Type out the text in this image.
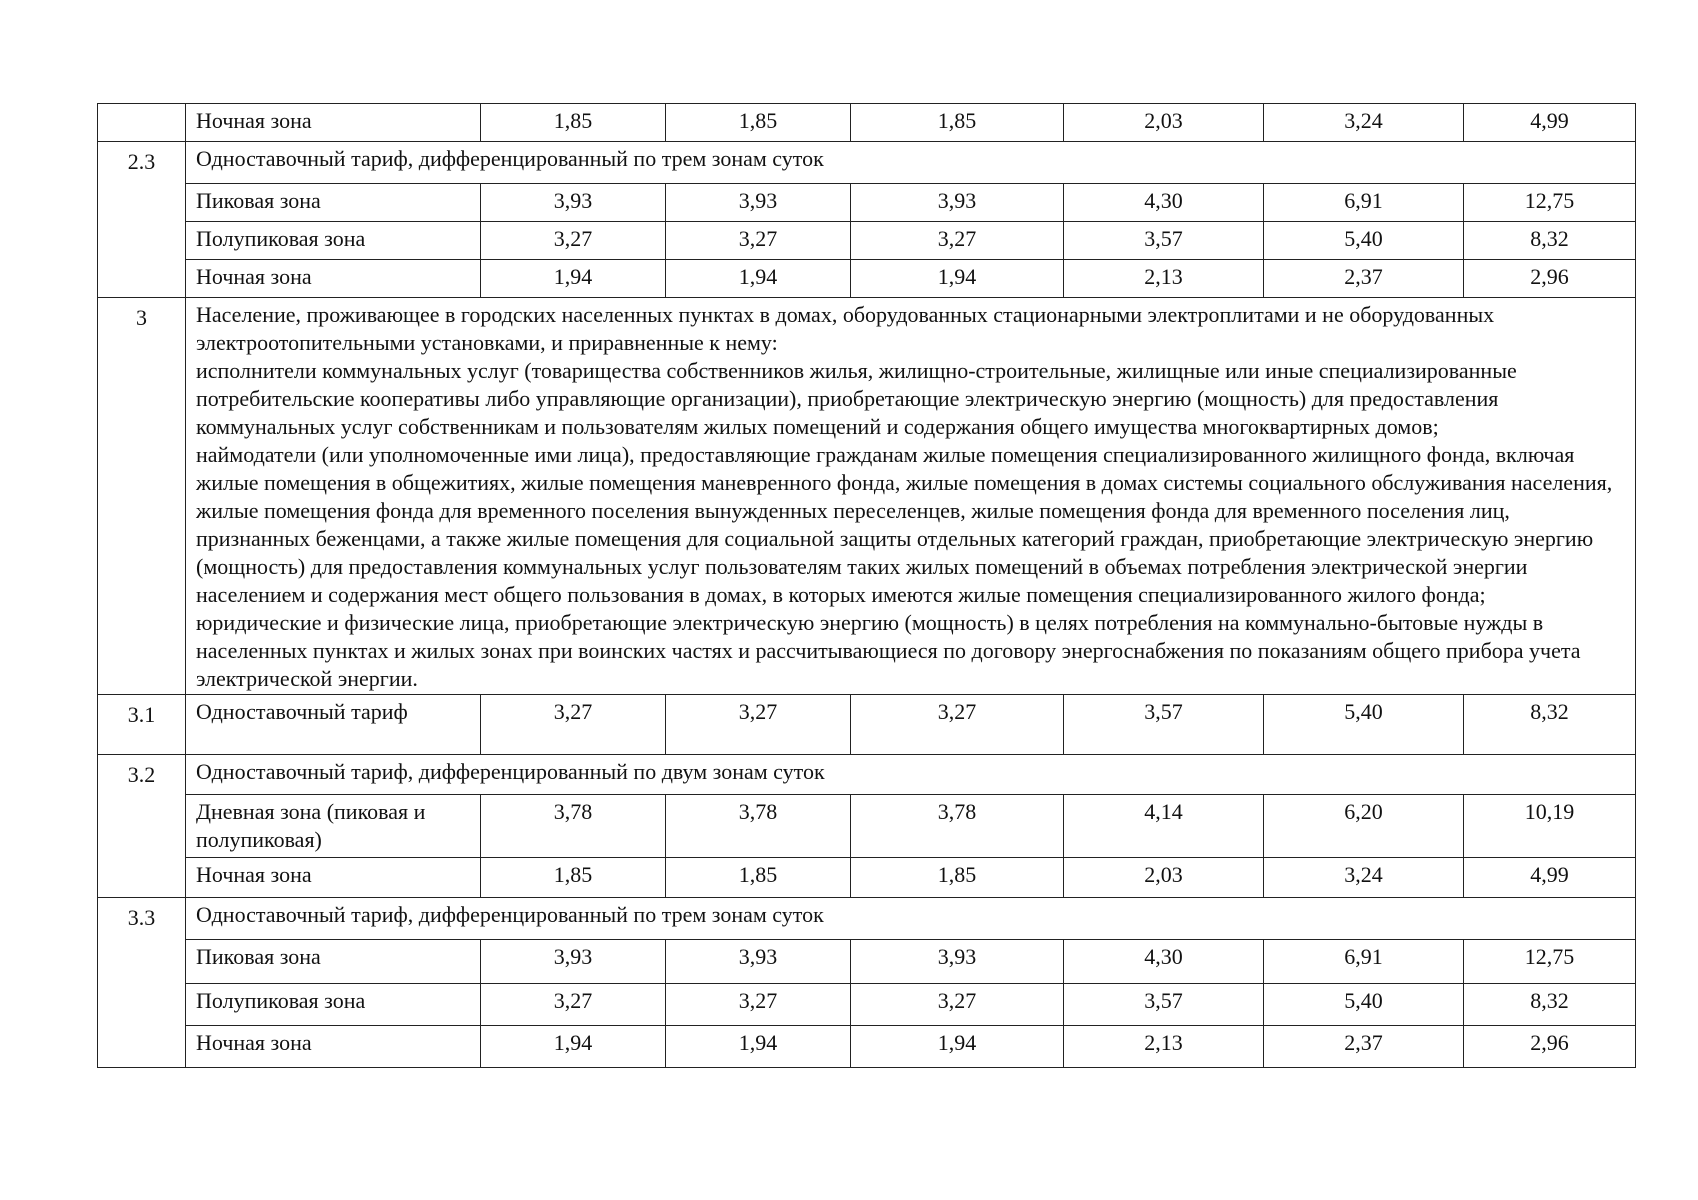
	Ночная зона	1,85	1,85	1,85	2,03	3,24	4,99
2.3	Одноставочный тариф, дифференцированный по трем зонам суток						
	Пиковая зона	3,93	3,93	3,93	4,30	6,91	12,75
	Полупиковая зона	3,27	3,27	3,27	3,57	5,40	8,32
	Ночная зона	1,94	1,94	1,94	2,13	2,37	2,96
3	Население, проживающее в городских населенных пунктах в домах, оборудованных стационарными электроплитами и не оборудованных электроотопительными установками, и приравненные к нему:

исполнители коммунальных услуг (товарищества собственников жилья, жилищно-строительные, жилищные или иные специализированные потребительские кооперативы либо управляющие организации), приобретающие электрическую энергию (мощность) для предоставления коммунальных услуг собственникам и пользователям жилых помещений и содержания общего имущества многоквартирных домов;

наймодатели (или уполномоченные ими лица), предоставляющие гражданам жилые помещения специализированного жилищного фонда, включая жилые помещения в общежитиях, жилые помещения маневренного фонда, жилые помещения в домах системы социального обслуживания населения, жилые помещения фонда для временного поселения вынужденных переселенцев, жилые помещения фонда для временного поселения лиц, признанных беженцами, а также жилые помещения для социальной защиты отдельных категорий граждан, приобретающие электрическую энергию (мощность) для предоставления коммунальных услуг пользователям таких жилых помещений в объемах потребления электрической энергии населением и содержания мест общего пользования в домах, в которых имеются жилые помещения специализированного жилого фонда;

юридические и физические лица, приобретающие электрическую энергию (мощность) в целях потребления на коммунально-бытовые нужды в населенных пунктах и жилых зонах при воинских частях и рассчитывающиеся по договору энергоснабжения по показаниям общего прибора учета электрической энергии.						

3.1	Одноставочный тариф	3,27	3,27	3,27	3,57	5,40	8,32
3.2	Одноставочный тариф, дифференцированный по двум зонам суток						
	Дневная зона (пиковая и полупиковая)	3,78	3,78	3,78	4,14	6,20	10,19
	Ночная зона	1,85	1,85	1,85	2,03	3,24	4,99
3.3	Одноставочный тариф, дифференцированный по трем зонам суток						
	Пиковая зона	3,93	3,93	3,93	4,30	6,91	12,75
	Полупиковая зона	3,27	3,27	3,27	3,57	5,40	8,32
	Ночная зона	1,94	1,94	1,94	2,13	2,37	2,96
